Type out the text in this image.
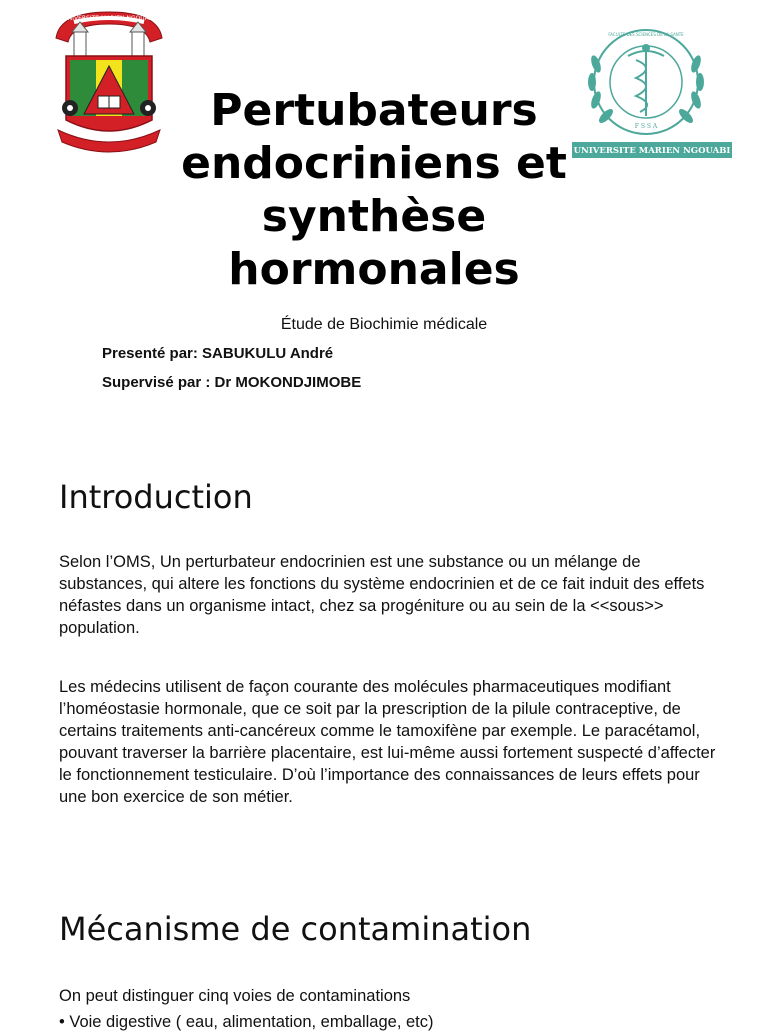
UNIVERSITE MARIEN NGOUABI
F S S A
FACULTE DES SCIENCES DE LA SANTE
UNIVERSITE MARIEN NGOUABI
Pertubateurs endocriniens et synthèse hormonales

Étude de Biochimie médicale

Presenté par: SABUKULU André

Supervisé par : Dr MOKONDJIMOBE

Introduction

Selon l’OMS, Un perturbateur endocrinien est une substance ou un mélange de substances, qui altere les fonctions du système endocrinien et de ce fait induit des effets néfastes dans un organisme intact, chez sa progéniture ou au sein de la <<sous>> population.

Les médecins utilisent de façon courante des molécules pharmaceutiques modifiant l’homéostasie hormonale, que ce soit par la prescription de la pilule contraceptive, de certains traitements anti-cancéreux comme le tamoxifène par exemple. Le paracétamol, pouvant traverser la barrière placentaire, est lui-même aussi fortement suspecté d’affecter le fonctionnement testiculaire. D’où l’importance des connaissances de leurs effets pour une bon exercice de son métier.

Mécanisme de contamination

On peut distinguer cinq voies de contaminations

• Voie digestive ( eau, alimentation, emballage, etc)
